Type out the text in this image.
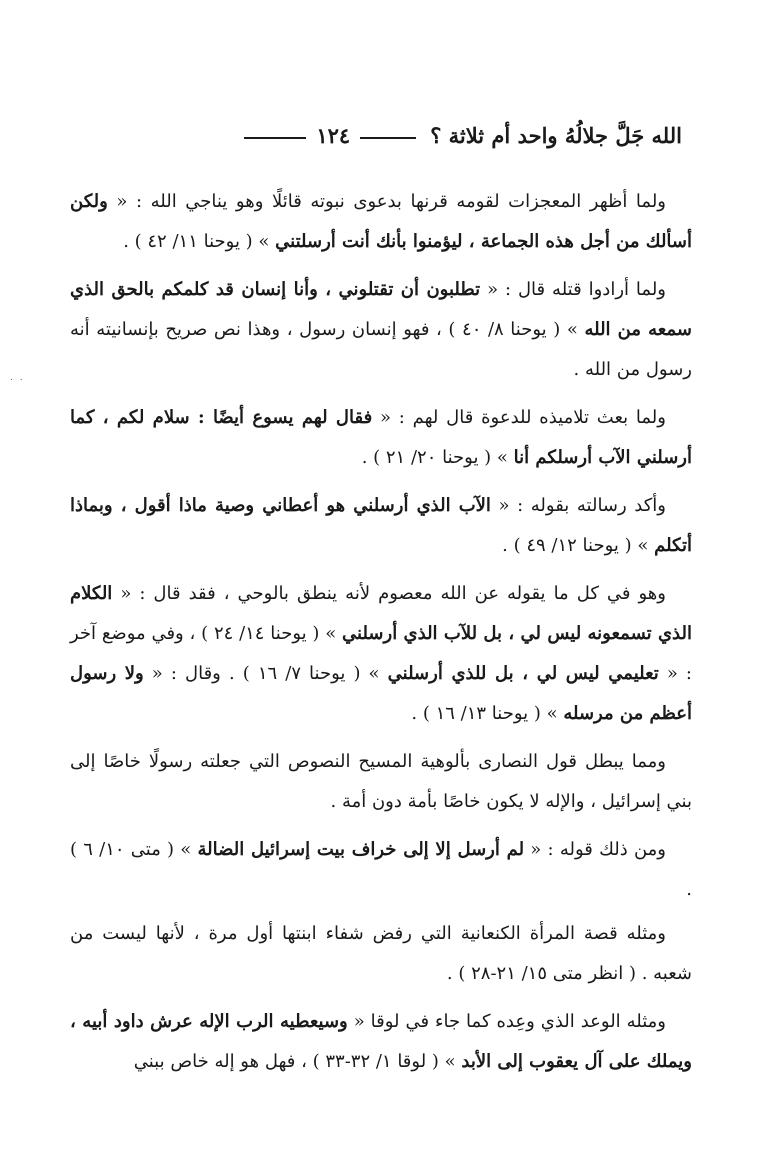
الله جَلَّ جلالُهُ واحد أم ثلاثة ؟
١٢٤
. .

ولما أظهر المعجزات لقومه قرنها بدعوى نبوته قائلًا وهو يناجي الله : « ولكن أسألك من أجل هذه الجماعة ، ليؤمنوا بأنك أنت أرسلتني » ( يوحنا ١١/ ٤٢ ) .

ولما أرادوا قتله قال : « تطلبون أن تقتلوني ، وأنا إنسان قد كلمكم بالحق الذي سمعه من الله » ( يوحنا ٨/ ٤٠ ) ، فهو إنسان رسول ، وهذا نص صريح بإنسانيته أنه رسول من الله .

ولما بعث تلاميذه للدعوة قال لهم : « فقال لهم يسوع أيضًا : سلام لكم ، كما أرسلني الآب أرسلكم أنا » ( يوحنا ٢٠/ ٢١ ) .

وأكد رسالته بقوله : « الآب الذي أرسلني هو أعطاني وصية ماذا أقول ، وبماذا أتكلم » ( يوحنا ١٢/ ٤٩ ) .

وهو في كل ما يقوله عن الله معصوم لأنه ينطق بالوحي ، فقد قال : « الكلام الذي تسمعونه ليس لي ، بل للآب الذي أرسلني » ( يوحنا ١٤/ ٢٤ ) ، وفي موضع آخر : « تعليمي ليس لي ، بل للذي أرسلني » ( يوحنا ٧/ ١٦ ) . وقال : « ولا رسول أعظم من مرسله » ( يوحنا ١٣/ ١٦ ) .

ومما يبطل قول النصارى بألوهية المسيح النصوص التي جعلته رسولًا خاصًا إلى بني إسرائيل ، والإله لا يكون خاصًا بأمة دون أمة .

ومن ذلك قوله : « لم أرسل إلا إلى خراف بيت إسرائيل الضالة » ( متى ١٠/ ٦ ) .

ومثله قصة المرأة الكنعانية التي رفض شفاء ابنتها أول مرة ، لأنها ليست من شعبه . ( انظر متى ١٥/ ٢١-٢٨ ) .

ومثله الوعد الذي وعِده كما جاء في لوقا « وسيعطيه الرب الإله عرش داود أبيه ، ويملك على آل يعقوب إلى الأبد » ( لوقا ١/ ٣٢-٣٣ ) ، فهل هو إله خاص ببني
